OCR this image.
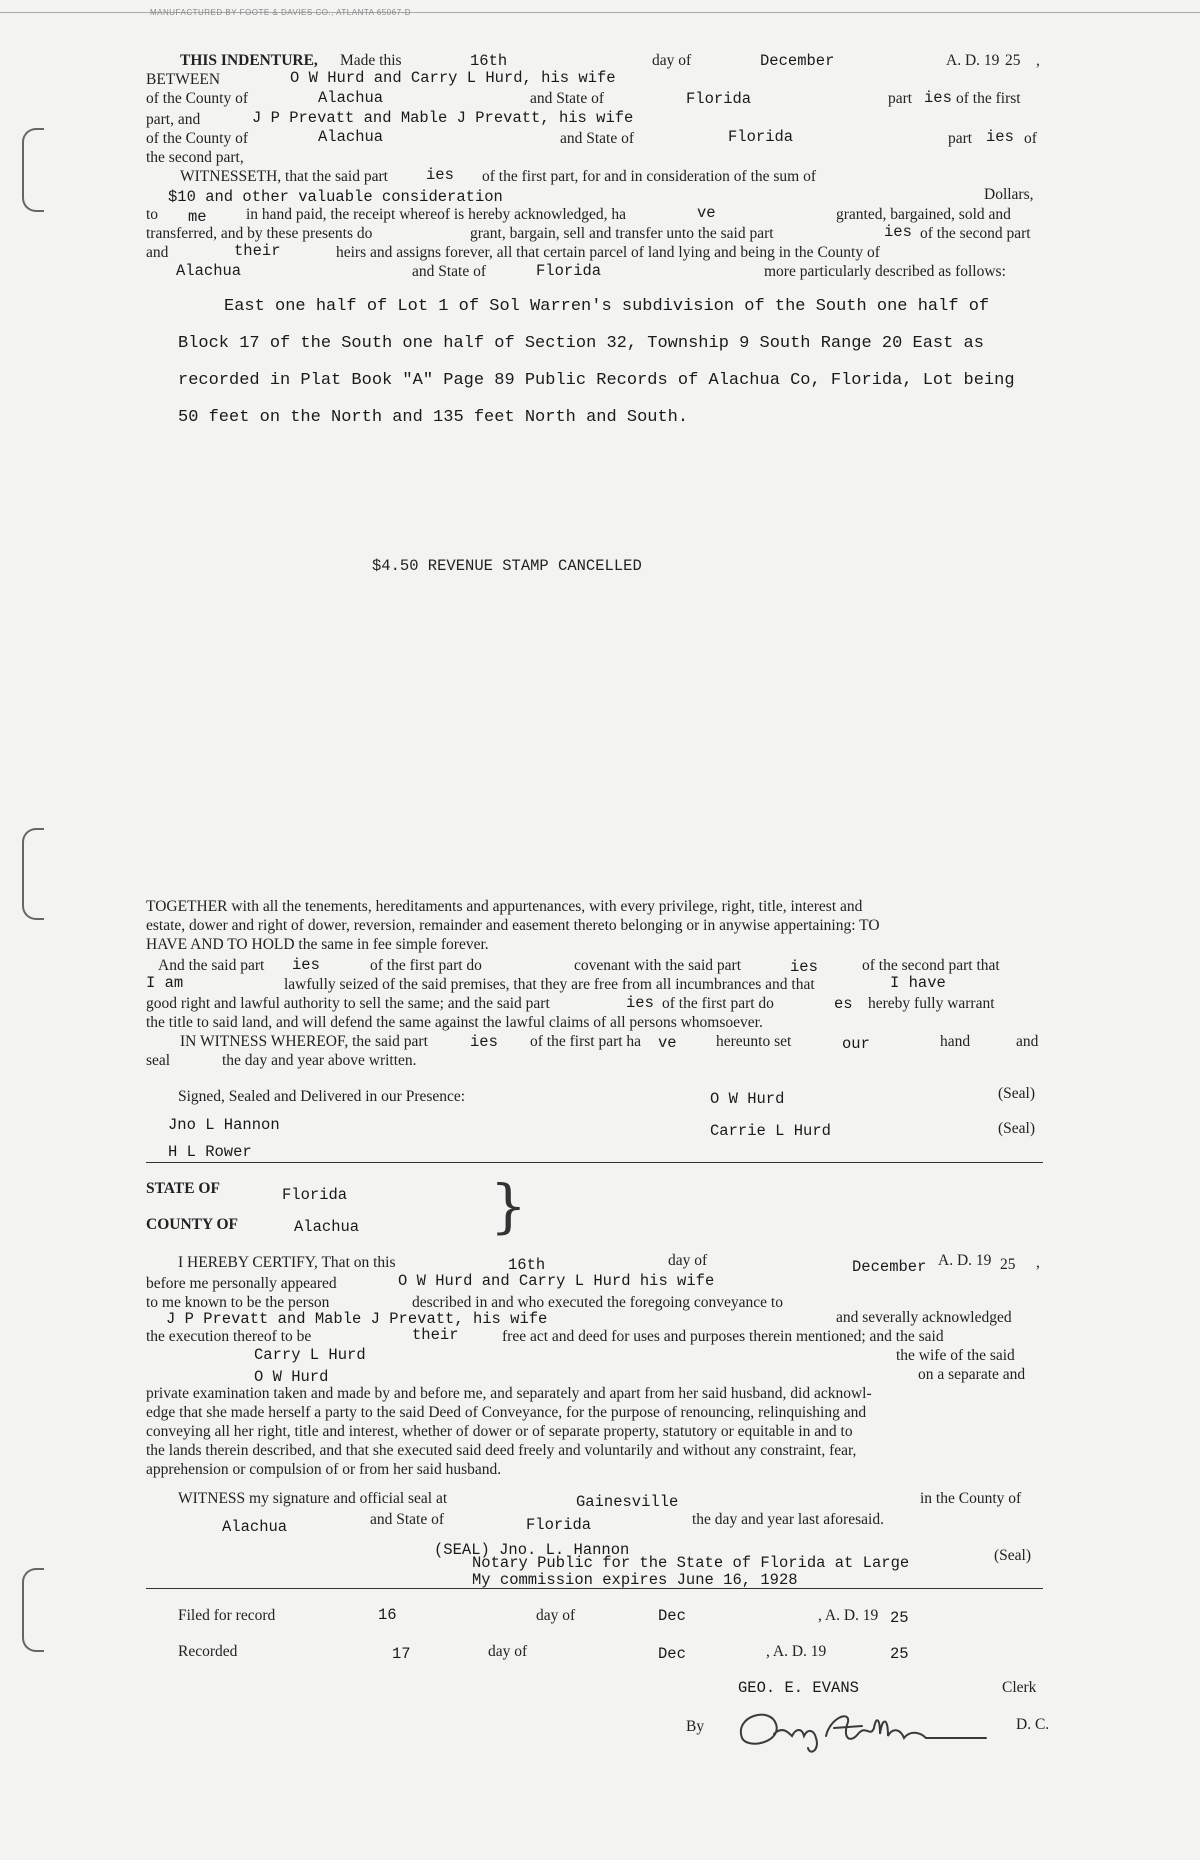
MANUFACTURED BY FOOTE & DAVIES CO., ATLANTA 65067-D
THIS INDENTURE, Made this	16th	day of	December	A. D. 19 25 ,
BETWEEN	O W Hurd and Carry L Hurd, his wife
of the County of	Alachua	and State of	Florida	part ies of the first
part, and	J P Prevatt and Mable J Prevatt, his wife
of the County of	Alachua	and State of	Florida	part ies of
the second part,
WITNESSETH, that the said part ies of the first part, for and in consideration of the sum of
$10 and other valuable consideration	Dollars,
to me	in hand paid, the receipt whereof is hereby acknowledged, ha	ve	granted, bargained, sold and
transferred, and by these presents do	grant, bargain, sell and transfer unto the said part	ies of the second part
and	their	heirs and assigns forever, all that certain parcel of land lying and being in the County of
Alachua	and State of	Florida	more particularly described as follows:
East one half of Lot 1 of Sol Warren's subdivision of the South one half of
Block 17 of the South one half of Section 32, Township 9 South Range 20 East as
recorded in Plat Book "A" Page 89 Public Records of Alachua Co, Florida, Lot being
50 feet on the North and 135 feet North and South.
$4.50 REVENUE STAMP CANCELLED
TOGETHER with all the tenements, hereditaments and appurtenances, with every privilege, right, title, interest and
estate, dower and right of dower, reversion, remainder and easement thereto belonging or in anywise appertaining: TO
HAVE AND TO HOLD the same in fee simple forever.
And the said part ies	of the first part do	covenant with the said part	ies	of the second part that
I am	lawfully seized of the said premises, that they are free from all incumbrances and that	I have
good right and lawful authority to sell the same; and the said part	ies of the first part do	es hereby fully warrant
the title to said land, and will defend the same against the lawful claims of all persons whomsoever.
IN WITNESS WHEREOF, the said part	ies of the first part ha ve	hereunto set	our	hand	and
seal	the day and year above written.
Signed, Sealed and Delivered in our Presence:	O W Hurd	(Seal)
Jno L Hannon	Carrie L Hurd	(Seal)
H L Rower
STATE OF	Florida
COUNTY OF	Alachua }
I HEREBY CERTIFY, That on this	16th	day of	December A. D. 19 25 ,
before me personally appeared	O W Hurd and Carry L Hurd his wife
to me known to be the person	described in and who executed the foregoing conveyance to
J P Prevatt and Mable J Prevatt, his wife	and severally acknowledged
the execution thereof to be	their	free act and deed for uses and purposes therein mentioned; and the said
Carry L Hurd	the wife of the said
O W Hurd	on a separate and
private examination taken and made by and before me, and separately and apart from her said husband, did acknowl-
edge that she made herself a party to the said Deed of Conveyance, for the purpose of renouncing, relinquishing and
conveying all her right, title and interest, whether of dower or of separate property, statutory or equitable in and to
the lands therein described, and that she executed said deed freely and voluntarily and without any constraint, fear,
apprehension or compulsion of or from her said husband.
WITNESS my signature and official seal at	Gainesville	in the County of
Alachua	and State of	Florida	the day and year last aforesaid.
(SEAL) Jno. L. Hannon
Notary Public for the State of Florida at Large	(Seal)
My commission expires June 16, 1928
Filed for record	16	day of	Dec	, A. D. 19 25
Recorded	17	day of	Dec	, A. D. 19	25
GEO. E. EVANS	Clerk
By	D. C.
